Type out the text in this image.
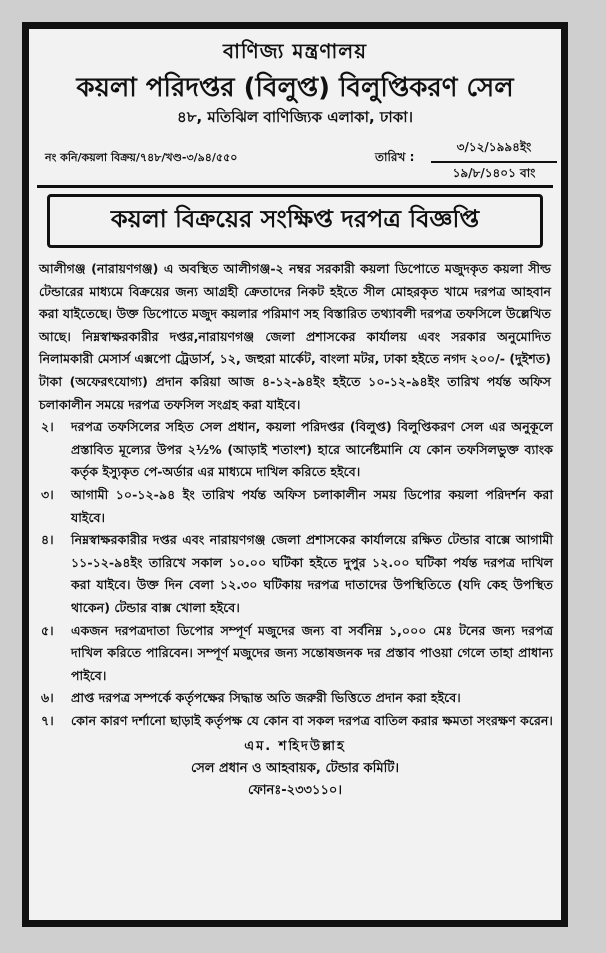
বাণিজ্য মন্ত্রণালয়
কয়লা পরিদপ্তর (বিলুপ্ত) বিলুপ্তিকরণ সেল
৪৮, মতিঝিল বাণিজ্যিক এলাকা, ঢাকা।
নং কনি/কয়লা বিক্রয়/৭৪৮/খণ্ড-৩/৯৪/৫৫০	তারিখ :
৩/১২/১৯৯৪ইং
১৯/৮/১৪০১ বাং
কয়লা বিক্রয়ের সংক্ষিপ্ত দরপত্র বিজ্ঞপ্তি
আলীগঞ্জ (নারায়ণগঞ্জ) এ অবস্থিত আলীগঞ্জ-২ নম্বর সরকারী কয়লা ডিপোতে মজুদকৃত কয়লা সীল্ড টেন্ডারের মাধ্যমে বিক্রয়ের জন্য আগ্রহী ক্রেতাদের নিকট হইতে সীল মোহরকৃত খামে দরপত্র আহবান করা যাইতেছে। উক্ত ডিপোতে মজুদ কয়লার পরিমাণ সহ বিস্তারিত তথ্যাবলী দরপত্র তফসিলে উল্লেখিত আছে। নিম্নস্বাক্ষরকারীর দপ্তর,নারায়ণগঞ্জ জেলা প্রশাসকের কার্যালয় এবং সরকার অনুমোদিত নিলামকারী মেসার্স এক্সপো ট্রেডার্স, ১২, জহুরা মার্কেট, বাংলা মটর, ঢাকা হইতে নগদ ২০০/- (দুইশত) টাকা (অফেরৎযোগ্য) প্রদান করিয়া আজ ৪-১২-৯৪ইং হইতে ১০-১২-৯৪ইং তারিখ পর্যন্ত অফিস চলাকালীন সময়ে দরপত্র তফসিল সংগ্রহ করা যাইবে।
২। দরপত্র তফসিলের সহিত সেল প্রধান, কয়লা পরিদপ্তর (বিলুপ্ত) বিলুপ্তিকরণ সেল এর অনুকূলে প্রস্তাবিত মূল্যের উপর ২½% (আড়াই শতাংশ) হারে আর্নেষ্টমানি যে কোন তফসিলভুক্ত ব্যাংক কর্তৃক ইস্যুকৃত পে-অর্ডার এর মাধ্যমে দাখিল করিতে হইবে।
৩। আগামী ১০-১২-৯৪ ইং তারিখ পর্যন্ত অফিস চলাকালীন সময় ডিপোর কয়লা পরিদর্শন করা যাইবে।
৪। নিম্নস্বাক্ষরকারীর দপ্তর এবং নারায়ণগঞ্জ জেলা প্রশাসকের কার্যালয়ে রক্ষিত টেন্ডার বাক্সে আগামী ১১-১২-৯৪ইং তারিখে সকাল ১০.০০ ঘটিকা হইতে দুপুর ১২.০০ ঘটিকা পর্যন্ত দরপত্র দাখিল করা যাইবে। উক্ত দিন বেলা ১২.৩০ ঘটিকায় দরপত্র দাতাদের উপস্থিতিতে (যদি কেহ উপস্থিত থাকেন) টেন্ডার বাক্স খোলা হইবে।
৫। একজন দরপত্রদাতা ডিপোর সম্পূর্ণ মজুদের জন্য বা সর্বনিম্ন ১,০০০ মেঃ টনের জন্য দরপত্র দাখিল করিতে পারিবেন। সম্পূর্ণ মজুদের জন্য সন্তোষজনক দর প্রস্তাব পাওয়া গেলে তাহা প্রাধান্য পাইবে।
৬। প্রাপ্ত দরপত্র সম্পর্কে কর্তৃপক্ষের সিদ্ধান্ত অতি জরুরী ভিত্তিতে প্রদান করা হইবে।
৭। কোন কারণ দর্শানো ছাড়াই কর্তৃপক্ষ যে কোন বা সকল দরপত্র বাতিল করার ক্ষমতা সংরক্ষণ করেন।
এম. শহিদউল্লাহ
সেল প্রধান ও আহবায়ক, টেন্ডার কমিটি।
ফোনঃ-২৩৩১১০।
